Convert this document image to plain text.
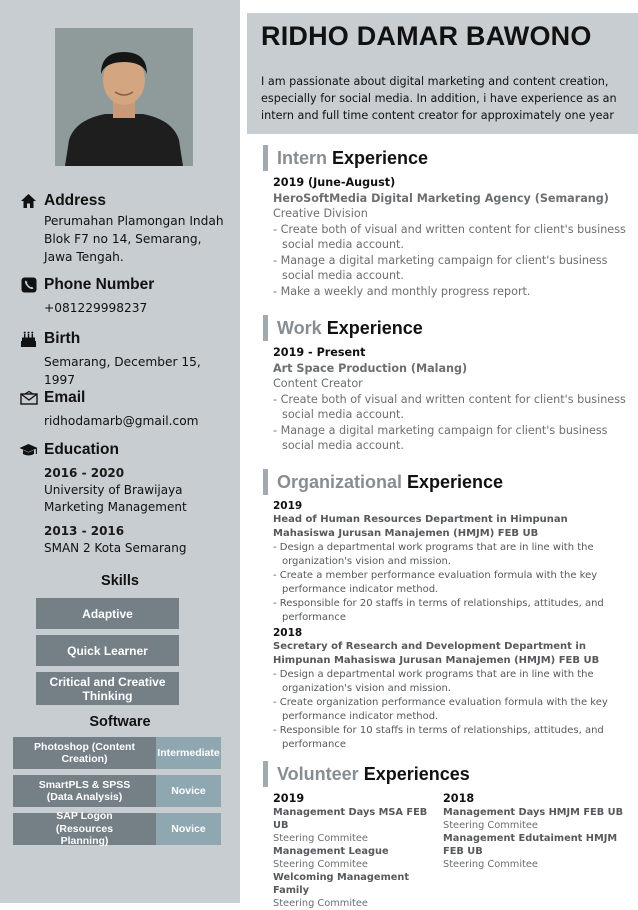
Address
Perumahan Plamongan Indah
Blok F7 no 14, Semarang,
Jawa Tengah.
Phone Number
+081229998237
Birth
Semarang, December 15, 1997
Email
ridhodamarb@gmail.com
Education
2016 - 2020
University of Brawijaya
Marketing Management
2013 - 2016
SMAN 2 Kota Semarang
Skills
Adaptive
Quick Learner
Critical and Creative Thinking
Software
Photoshop (Content Creation)	Intermediate
SmartPLS & SPSS (Data Analysis)	Novice
SAP Logon (Resources Planning)
Novice
RIDHO DAMAR BAWONO
I am passionate about digital marketing and content creation, especially for social media. In addition, i have experience as an intern and full time content creator for approximately one year
Intern Experience
2019 (June-August)
HeroSoftMedia Digital Marketing Agency (Semarang)
Creative Division
- Create both of visual and written content for client's business social media account.
- Manage a digital marketing campaign for client's business social media account.
- Make a weekly and monthly progress report.
Work Experience
2019 - Present
Art Space Production (Malang)
Content Creator
- Create both of visual and written content for client's business social media account.
- Manage a digital marketing campaign for client's business social media account.
Organizational Experience
2019
Head of Human Resources Department in Himpunan Mahasiswa Jurusan Manajemen (HMJM) FEB UB
- Design a departmental work programs that are in line with the organization's vision and mission.
- Create a member performance evaluation formula with the key performance indicator method.
- Responsible for 20 staffs in terms of relationships, attitudes, and performance
2018
Secretary of Research and Development Department in Himpunan Mahasiswa Jurusan Manajemen (HMJM) FEB UB
- Design a departmental work programs that are in line with the organization's vision and mission.
- Create organization performance evaluation formula with the key performance indicator method.
- Responsible for 10 staffs in terms of relationships, attitudes, and performance
Volunteer Experiences
2019
Management Days MSA FEB UB
Steering Commitee
Management League
Steering Commitee
Welcoming Management Family
Steering Commitee
2018
Management Days HMJM FEB UB
Steering Commitee
Management Edutaiment HMJM FEB UB
Steering Commitee
